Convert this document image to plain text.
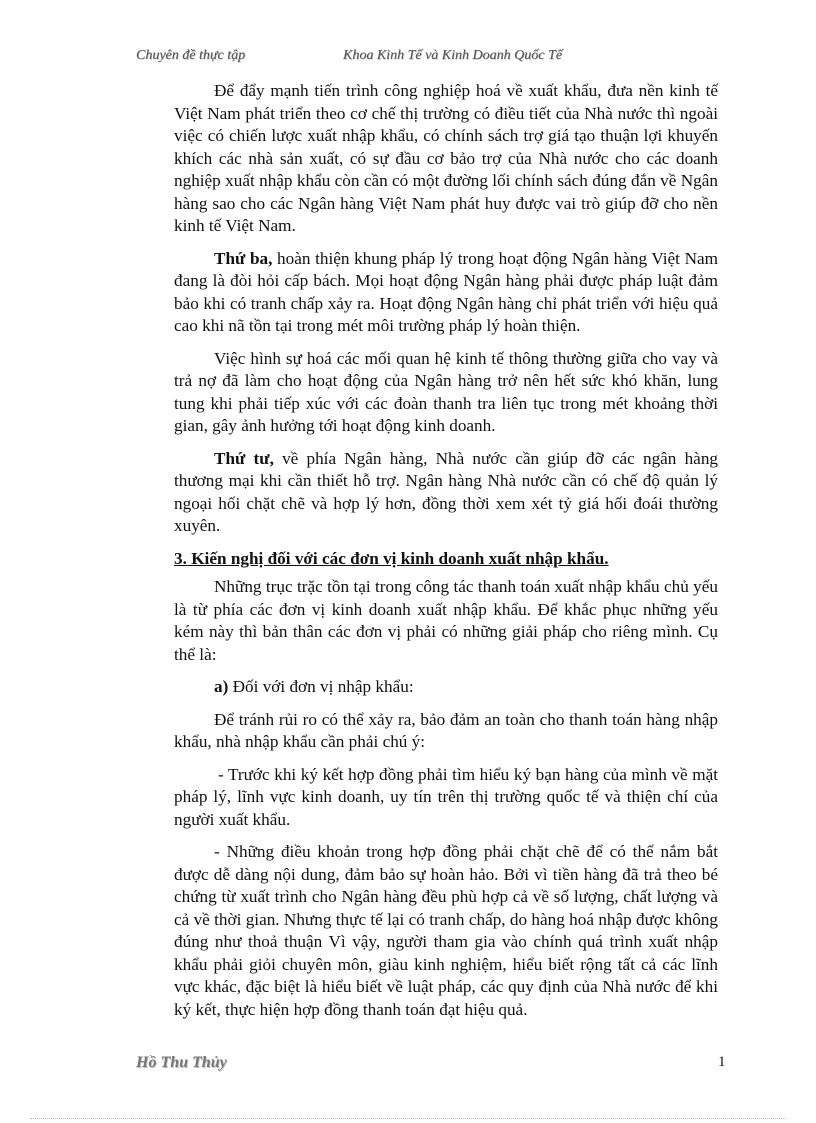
Chuyên đề thực tập	Khoa Kinh Tế và Kinh Doanh Quốc Tế

Để đẩy mạnh tiến trình công nghiệp hoá về xuất khẩu, đưa nền kinh tế Việt Nam phát triển theo cơ chế thị trường có điều tiết của Nhà nước thì ngoài việc có chiến lược xuất nhập khẩu, có chính sách trợ giá tạo thuận lợi khuyến khích các nhà sản xuất, có sự đầu cơ bảo trợ của Nhà nước cho các doanh nghiệp xuất nhập khẩu còn cần có một đường lối chính sách đúng đắn về Ngân hàng sao cho các Ngân hàng Việt Nam phát huy được vai trò giúp đỡ cho nền kinh tế Việt Nam.

Thứ ba, hoàn thiện khung pháp lý trong hoạt động Ngân hàng Việt Nam đang là đòi hỏi cấp bách. Mọi hoạt động Ngân hàng phải được pháp luật đảm bảo khi có tranh chấp xảy ra. Hoạt động Ngân hàng chỉ phát triển với hiệu quả cao khi nã tồn tại trong mét môi trường pháp lý hoàn thiện.

Việc hình sự hoá các mối quan hệ kinh tế thông thường giữa cho vay và trả nợ đã làm cho hoạt động của Ngân hàng trở nên hết sức khó khăn, lung tung khi phải tiếp xúc với các đoàn thanh tra liên tục trong mét khoảng thời gian, gây ảnh hưởng tới hoạt động kinh doanh.

Thứ tư, về phía Ngân hàng, Nhà nước cần giúp đỡ các ngân hàng thương mại khi cần thiết hỗ trợ. Ngân hàng Nhà nước cần có chế độ quản lý ngoại hối chặt chẽ và hợp lý hơn, đồng thời xem xét tỷ giá hối đoái thường xuyên.

3. Kiến nghị đối với các đơn vị kinh doanh xuất nhập khẩu.

Những trục trặc tồn tại trong công tác thanh toán xuất nhập khẩu chủ yếu là từ phía các đơn vị kinh doanh xuất nhập khẩu. Để khắc phục những yếu kém này thì bản thân các đơn vị phải có những giải pháp cho riêng mình. Cụ thể là:

a) Đối với đơn vị nhập khẩu:

Để tránh rủi ro có thể xảy ra, bảo đảm an toàn cho thanh toán hàng nhập khẩu, nhà nhập khẩu cần phải chú ý:

- Trước khi ký kết hợp đồng phải tìm hiểu ký bạn hàng của mình về mặt pháp lý, lĩnh vực kinh doanh, uy tín trên thị trường quốc tế và thiện chí của người xuất khẩu.

- Những điều khoản trong hợp đồng phải chặt chẽ để có thể nắm bắt được dễ dàng nội dung, đảm bảo sự hoàn hảo. Bởi vì tiền hàng đã trả theo bé chứng từ xuất trình cho Ngân hàng đều phù hợp cả về số lượng, chất lượng và cả về thời gian. Nhưng thực tế lại có tranh chấp, do hàng hoá nhập được không đúng như thoả thuận Vì vậy, người tham gia vào chính quá trình xuất nhập khẩu phải giỏi chuyên môn, giàu kinh nghiệm, hiểu biết rộng tất cả các lĩnh vực khác, đặc biệt là hiểu biết về luật pháp, các quy định của Nhà nước để khi ký kết, thực hiện hợp đồng thanh toán đạt hiệu quả.

Hồ Thu Thủy	1
